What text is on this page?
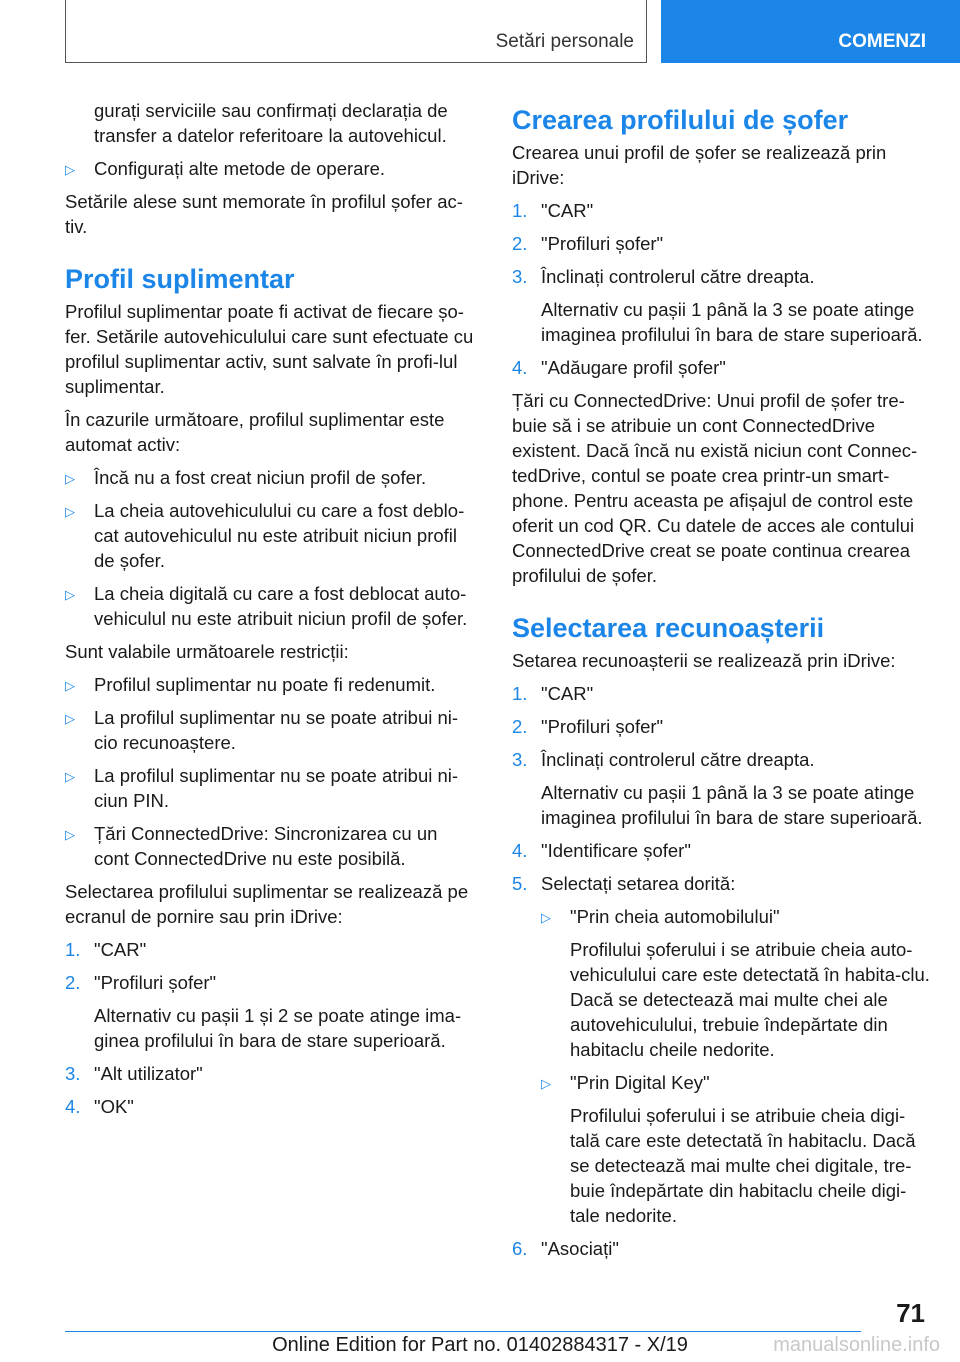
Setări personale	COMENZI

gurați serviciile sau confirmați declarația de transfer a datelor referitoare la autovehicul.

▷ Configurați alte metode de operare.

Setările alese sunt memorate în profilul șofer ac-tiv.

Profil suplimentar

Profilul suplimentar poate fi activat de fiecare șo-fer. Setările autovehiculului care sunt efectuate cu profilul suplimentar activ, sunt salvate în profi-lul suplimentar.

În cazurile următoare, profilul suplimentar este automat activ:

▷ Încă nu a fost creat niciun profil de șofer.
▷ La cheia autovehiculului cu care a fost deblo-cat autovehiculul nu este atribuit niciun profil de șofer.
▷ La cheia digitală cu care a fost deblocat auto-vehiculul nu este atribuit niciun profil de șofer.

Sunt valabile următoarele restricții:

▷ Profilul suplimentar nu poate fi redenumit.
▷ La profilul suplimentar nu se poate atribui ni-cio recunoaștere.
▷ La profilul suplimentar nu se poate atribui ni-ciun PIN.
▷ Țări ConnectedDrive: Sincronizarea cu un cont ConnectedDrive nu este posibilă.

Selectarea profilului suplimentar se realizează pe ecranul de pornire sau prin iDrive:

1. "CAR"
2. "Profiluri șofer"
Alternativ cu pașii 1 și 2 se poate atinge ima-ginea profilului în bara de stare superioară.
3. "Alt utilizator"
4. "OK"
Crearea profilului de șofer

Crearea unui profil de șofer se realizează prin iDrive:

1. "CAR"
2. "Profiluri șofer"
3. Înclinați controlerul către dreapta.
Alternativ cu pașii 1 până la 3 se poate atinge imaginea profilului în bara de stare superioară.
4. "Adăugare profil șofer"

Țări cu ConnectedDrive: Unui profil de șofer tre-buie să i se atribuie un cont ConnectedDrive existent. Dacă încă nu există niciun cont Connec-tedDrive, contul se poate crea printr-un smart-phone. Pentru aceasta pe afișajul de control este oferit un cod QR. Cu datele de acces ale contului ConnectedDrive creat se poate continua crearea profilului de șofer.

Selectarea recunoașterii

Setarea recunoașterii se realizează prin iDrive:

1. "CAR"
2. "Profiluri șofer"
3. Înclinați controlerul către dreapta.
Alternativ cu pașii 1 până la 3 se poate atinge imaginea profilului în bara de stare superioară.
4. "Identificare șofer"
5. Selectați setarea dorită:
▷ "Prin cheia automobilului"
Profilului șoferului i se atribuie cheia auto-vehiculului care este detectată în habita-clu. Dacă se detectează mai multe chei ale autovehiculului, trebuie îndepărtate din habitaclu cheile nedorite.
▷ "Prin Digital Key"
Profilului șoferului i se atribuie cheia digi-tală care este detectată în habitaclu. Dacă se detectează mai multe chei digitale, tre-buie îndepărtate din habitaclu cheile digi-tale nedorite.
6. "Asociați"
71
Online Edition for Part no. 01402884317 - X/19	manualsonline.info
